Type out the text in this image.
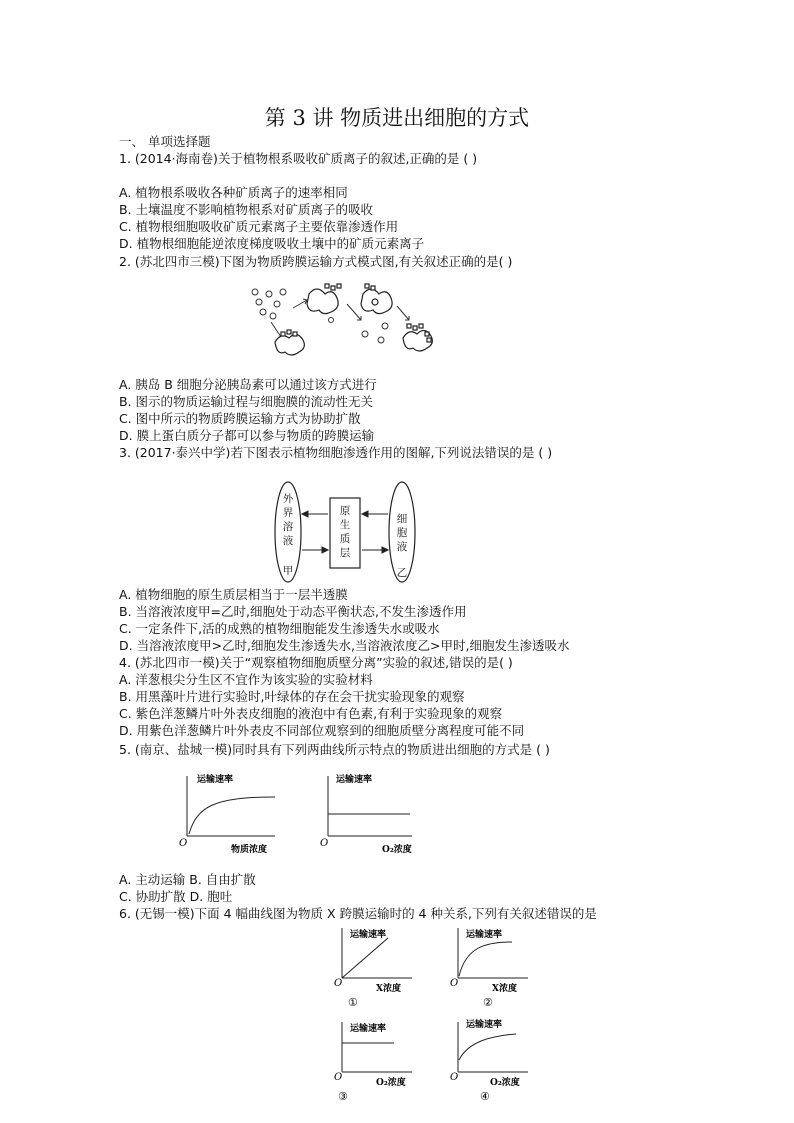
第 3 讲 物质进出细胞的方式
一、 单项选择题
1. (2014·海南卷)关于植物根系吸收矿质离子的叙述,正确的是 ( )
A. 植物根系吸收各种矿质离子的速率相同
B. 土壤温度不影响植物根系对矿质离子的吸收
C. 植物根细胞吸收矿质元素离子主要依靠渗透作用
D. 植物根细胞能逆浓度梯度吸收土壤中的矿质元素离子
2. (苏北四市三模)下图为物质跨膜运输方式模式图,有关叙述正确的是( )
A. 胰岛 B 细胞分泌胰岛素可以通过该方式进行
B. 图示的物质运输过程与细胞膜的流动性无关
C. 图中所示的物质跨膜运输方式为协助扩散
D. 膜上蛋白质分子都可以参与物质的跨膜运输
3. (2017·泰兴中学)若下图表示植物细胞渗透作用的图解,下列说法错误的是 ( )
外
界
溶
液
甲
原
生
质
层
细
胞
液
乙
A. 植物细胞的原生质层相当于一层半透膜
B. 当溶液浓度甲=乙时,细胞处于动态平衡状态,不发生渗透作用
C. 一定条件下,活的成熟的植物细胞能发生渗透失水或吸水
D. 当溶液浓度甲>乙时,细胞发生渗透失水,当溶液浓度乙>甲时,细胞发生渗透吸水
4. (苏北四市一模)关于“观察植物细胞质壁分离”实验的叙述,错误的是( )
A. 洋葱根尖分生区不宜作为该实验的实验材料
B. 用黑藻叶片进行实验时,叶绿体的存在会干扰实验现象的观察
C. 紫色洋葱鳞片叶外表皮细胞的液泡中有色素,有利于实验现象的观察
D. 用紫色洋葱鳞片叶外表皮不同部位观察到的细胞质壁分离程度可能不同
5. (南京、盐城一模)同时具有下列两曲线所示特点的物质进出细胞的方式是 ( )
运输速率
O
物质浓度
运输速率
O
O₂浓度
A. 主动运输 B. 自由扩散
C. 协助扩散 D. 胞吐
6. (无锡一模)下面 4 幅曲线图为物质 X 跨膜运输时的 4 种关系,下列有关叙述错误的是
运输速率
O	X浓度
①
运输速率
O	X浓度
②
运输速率
O	O₂浓度
③
运输速率
O	O₂浓度
④
